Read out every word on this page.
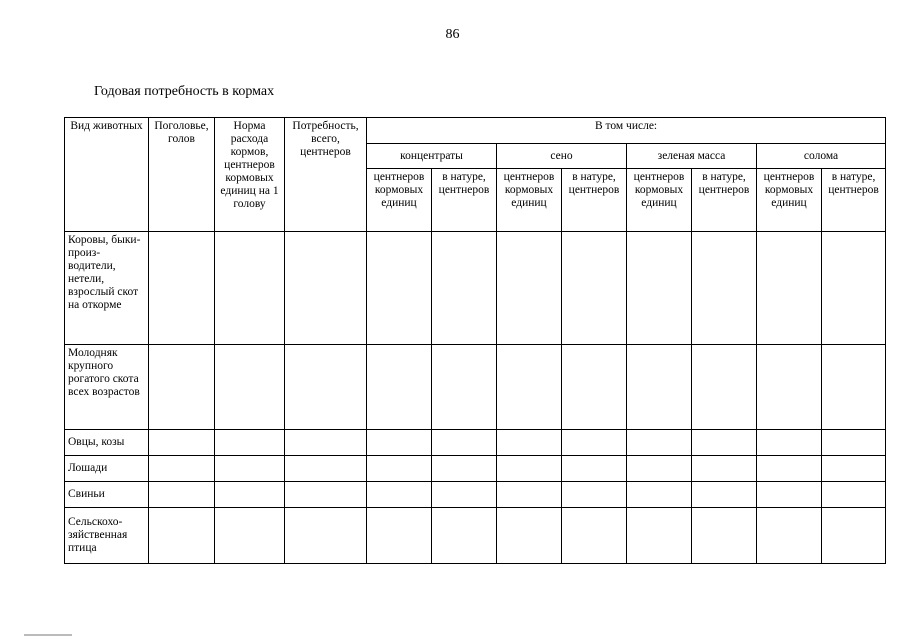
86
Годовая потребность в кормах
Вид животных	Поголовье, голов	Норма расхода кормов, центнеров кормовых единиц на 1 голову	Потребность, всего, центнеров	В том числе:							
				концентраты		сено		зеленая масса		солома	
				центнеров кормовых единиц	в натуре, центнеров	центнеров кормовых единиц	в натуре, центнеров	центнеров кормовых единиц	в натуре, центнеров	центнеров кормовых единиц	в натуре, центнеров
Коровы, быки-произ-водители, нетели, взрослый скот на откорме											
Молодняк крупного рогатого скота всех возрастов											
Овцы, козы											
Лошади											
Свиньи											
Сельскохо-зяйственная птица											
